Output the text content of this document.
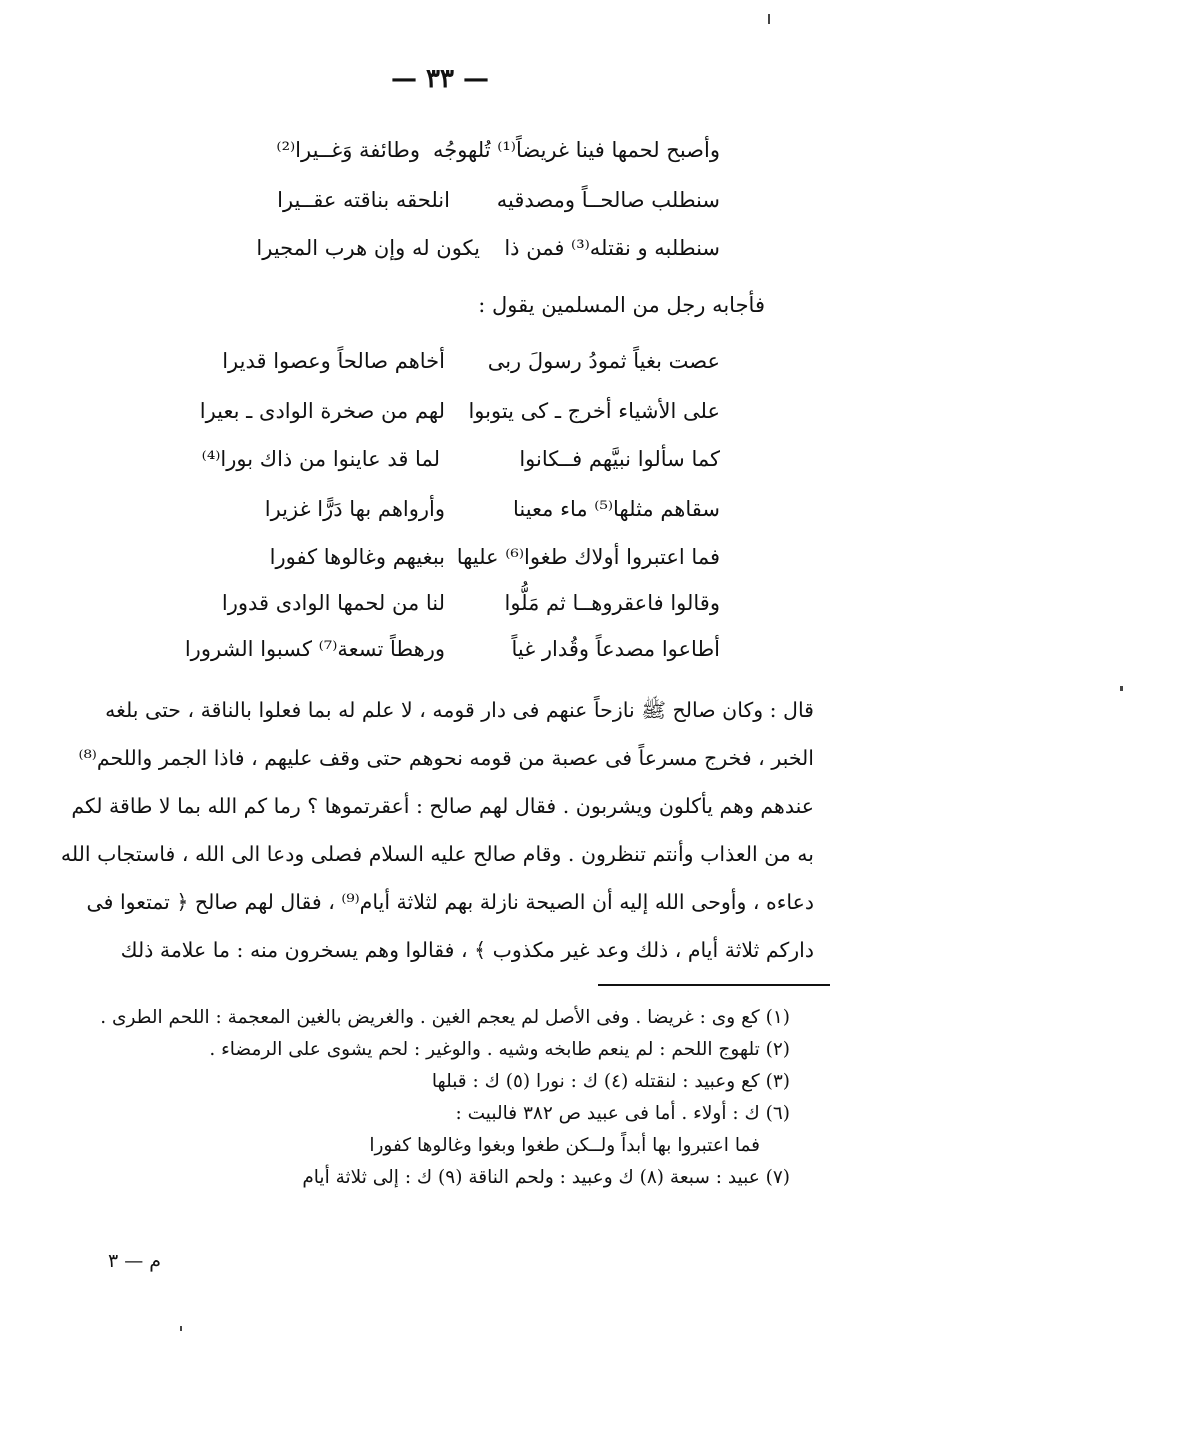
— ٣٣ —
وأصبح لحمها فينا غريضاً⁽¹⁾ تُلهوجُه
وطائفة وَغــيرا⁽²⁾
سنطلب صالحــاً ومصدقيه
انلحقه بناقته عقــيرا
سنطلبه و نقتله⁽³⁾ فمن ذا
يكون له وإن هرب المجيرا
فأجابه رجل من المسلمين يقول :
عصت بغياً ثمودُ رسولَ ربى
أخاهم صالحاً وعصوا قديرا
على الأشياء أخرج ـ كى يتوبوا
لهم من صخرة الوادى ـ بعيرا
كما سألوا نبيَّهم فــكانوا
لما قد عاينوا من ذاك بورا⁽⁴⁾
سقاهم مثلها⁽⁵⁾ ماء معينا
وأرواهم بها دَرًّا غزيرا
فما اعتبروا أولاك طغوا⁽⁶⁾ عليها
ببغيهم وغالوها كفورا
وقالوا فاعقروهــا ثم مَلُّوا
لنا من لحمها الوادى قدورا
أطاعوا مصدعاً وقُدار غياً
ورهطاً تسعة⁽⁷⁾ كسبوا الشرورا
قال : وكان صالح ﷺ نازحاً عنهم فى دار قومه ، لا علم له بما فعلوا بالناقة ، حتى بلغه
الخبر ، فخرج مسرعاً فى عصبة من قومه نحوهم حتى وقف عليهم ، فاذا الجمر واللحم⁽⁸⁾
عندهم وهم يأكلون ويشربون . فقال لهم صالح : أعقرتموها ؟ رما كم الله بما لا طاقة لكم
به من العذاب وأنتم تنظرون . وقام صالح عليه السلام فصلى ودعا الى الله ، فاستجاب الله
دعاءه ، وأوحى الله إليه أن الصيحة نازلة بهم لثلاثة أيام⁽⁹⁾ ، فقال لهم صالح ﴿ تمتعوا فى
داركم ثلاثة أيام ، ذلك وعد غير مكذوب ﴾ ، فقالوا وهم يسخرون منه : ما علامة ذلك
(١) كع وى : غريضا . وفى الأصل لم يعجم الغين . والغريض بالغين المعجمة : اللحم الطرى .
(٢) تلهوج اللحم : لم ينعم طابخه وشيه . والوغير : لحم يشوى على الرمضاء .
(٣) كع وعبيد : لنقتله (٤) ك : نورا (٥) ك : قبلها
(٦) ك : أولاء . أما فى عبيد ص ٣٨٢ فالبيت :
فما اعتبروا بها أبداً ولــكن طغوا وبغوا وغالوها كفورا
(٧) عبيد : سبعة (٨) ك وعبيد : ولحم الناقة (٩) ك : إلى ثلاثة أيام
م — ٣
